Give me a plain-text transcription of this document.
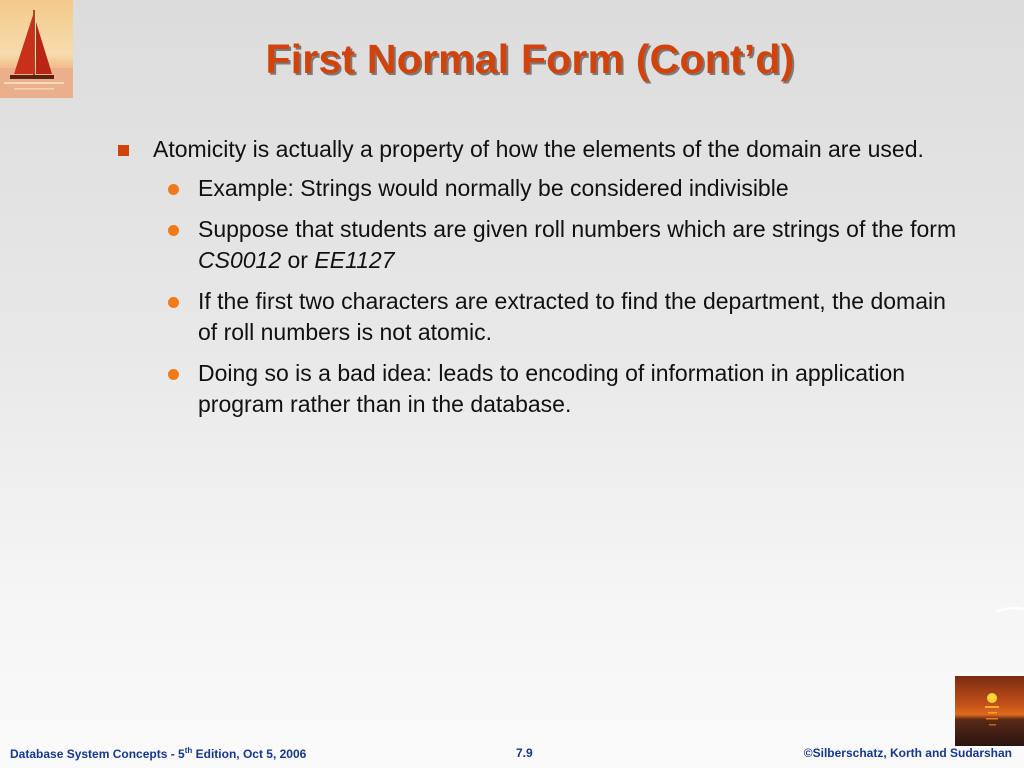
First Normal Form (Cont’d)
Atomicity is actually a property of how the elements of the domain are used.
Example: Strings would normally be considered indivisible
Suppose that students are given roll numbers which are strings of the form CS0012 or EE1127
If the first two characters are extracted to find the department, the domain of roll numbers is not atomic.
Doing so is a bad idea: leads to encoding of information in application program rather than in the database.
Database System Concepts - 5th Edition, Oct 5, 2006	7.9	©Silberschatz, Korth and Sudarshan
